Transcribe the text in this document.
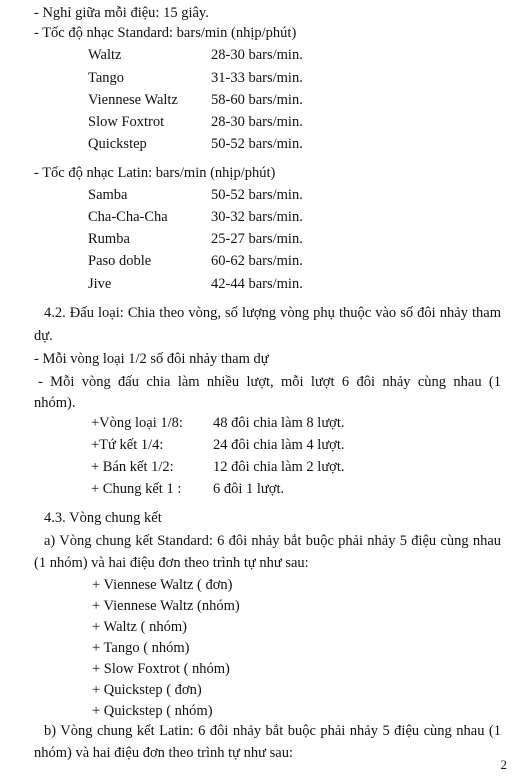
- Nghỉ giữa mỗi điệu: 15 giây.
- Tốc độ nhạc Standard: bars/min (nhịp/phút)
Waltz	28-30 bars/min.
Tango	31-33 bars/min.
Viennese Waltz 58-60 bars/min.
Slow Foxtrot	28-30 bars/min.
Quickstep	50-52 bars/min.
- Tốc độ nhạc Latin: bars/min (nhịp/phút)
Samba	50-52 bars/min.
Cha-Cha-Cha	30-32 bars/min.
Rumba	25-27 bars/min.
Paso doble	60-62 bars/min.
Jive	42-44 bars/min.
4.2. Đấu loại: Chia theo vòng, số lượng vòng phụ thuộc vào số đôi nhảy tham
dự.
- Mỗi vòng loại 1/2 số đôi nhảy tham dự
- Mỗi vòng đấu chia làm nhiều lượt, mỗi lượt 6 đôi nhảy cùng nhau (1
nhóm).
+Vòng loại 1/8: 48 đôi chia làm 8 lượt.
+Tứ kết 1/4:	24 đôi chia làm 4 lượt.
+ Bán kết 1/2:	12 đôi chia làm 2 lượt.
+ Chung kết 1 : 6 đôi 1 lượt.
4.3. Vòng chung kết
a) Vòng chung kết Standard: 6 đôi nhảy bắt buộc phải nhảy 5 điệu cùng nhau
(1 nhóm) và hai điệu đơn theo trình tự như sau:
+ Viennese Waltz ( đơn)
+ Viennese Waltz (nhóm)
+ Waltz ( nhóm)
+ Tango ( nhóm)
+ Slow Foxtrot ( nhóm)
+ Quickstep ( đơn)
+ Quickstep ( nhóm)
b) Vòng chung kết Latin: 6 đôi nhảy bắt buộc phải nhảy 5 điệu cùng nhau (1
nhóm) và hai điệu đơn theo trình tự như sau:
2
